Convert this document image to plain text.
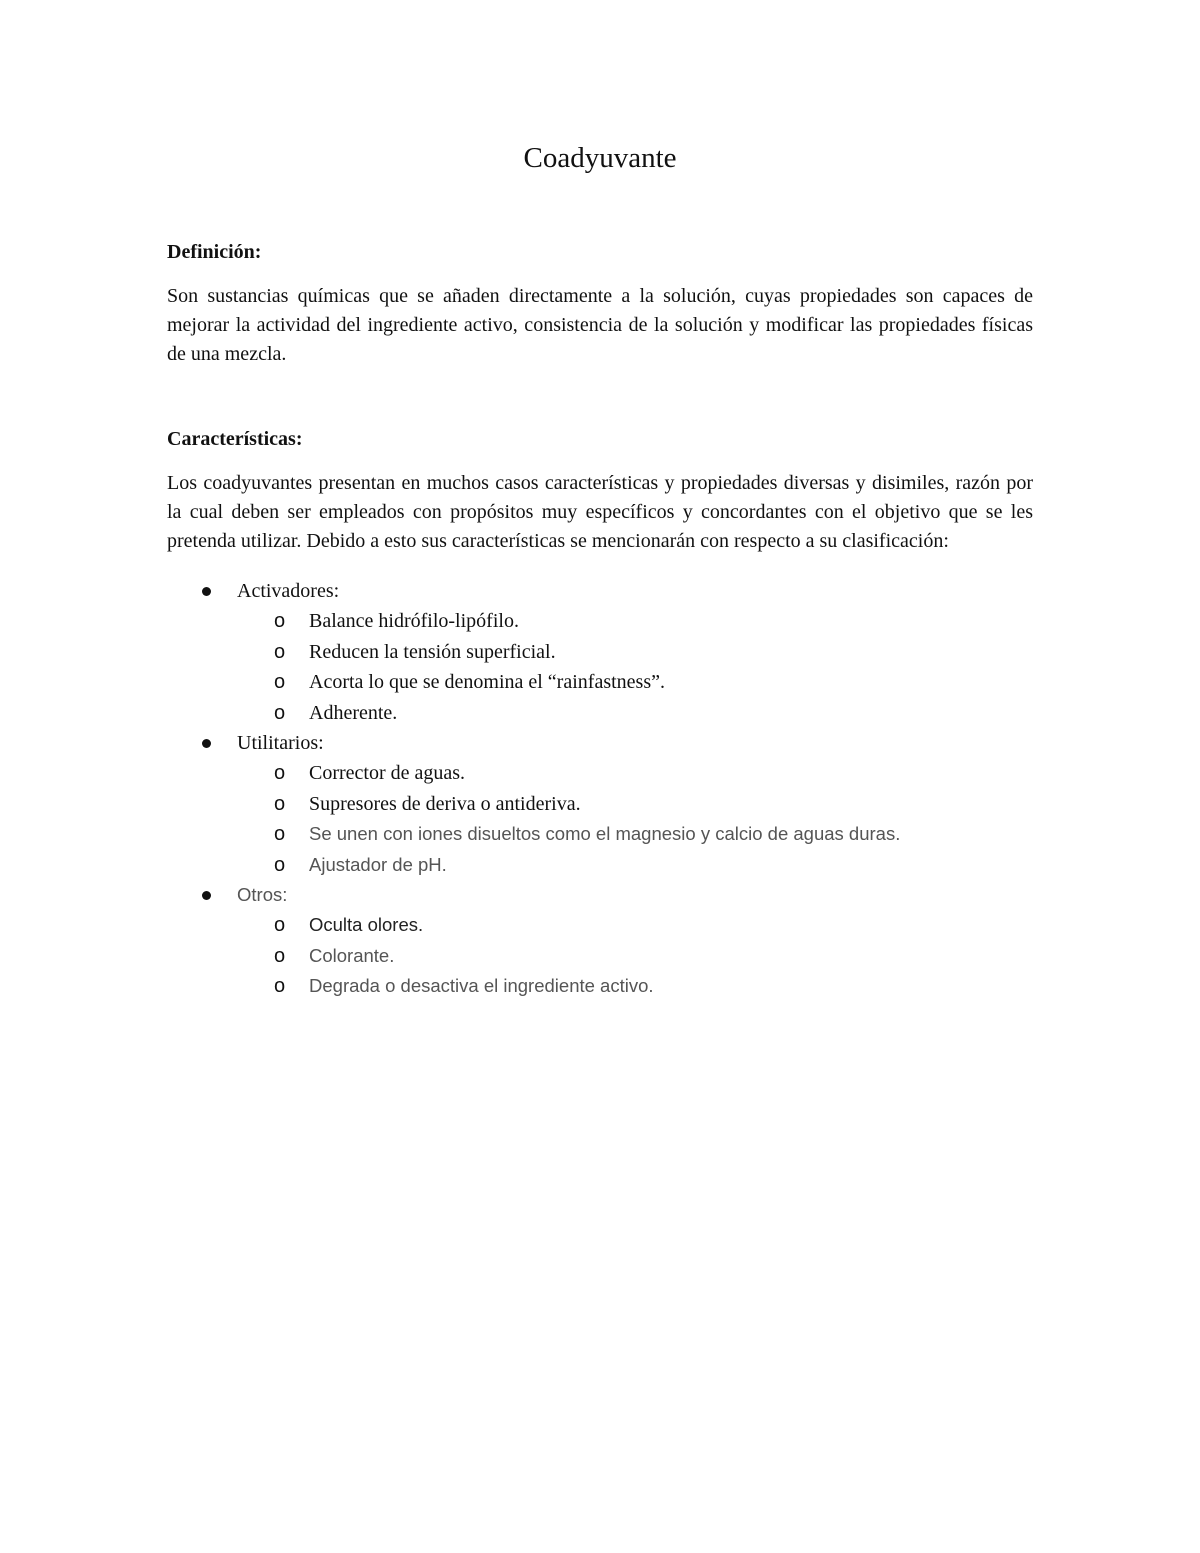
Coadyuvante
Definición:

Son sustancias químicas que se añaden directamente a la solución, cuyas propiedades son capaces de mejorar la actividad del ingrediente activo, consistencia de la solución y modificar las propiedades físicas de una mezcla.

Características:

Los coadyuvantes presentan en muchos casos características y propiedades diversas y disimiles, razón por la cual deben ser empleados con propósitos muy específicos y concordantes con el objetivo que se les pretenda utilizar. Debido a esto sus características se mencionarán con respecto a su clasificación:

Activadores:
o Balance hidrófilo-lipófilo.
o Reducen la tensión superficial.
o Acorta lo que se denomina el “rainfastness”.
o Adherente.
Utilitarios:
o Corrector de aguas.
o Supresores de deriva o antideriva.
o Se unen con iones disueltos como el magnesio y calcio de aguas duras.
o Ajustador de pH.
Otros:
o Oculta olores.
o Colorante.
o Degrada o desactiva el ingrediente activo.
